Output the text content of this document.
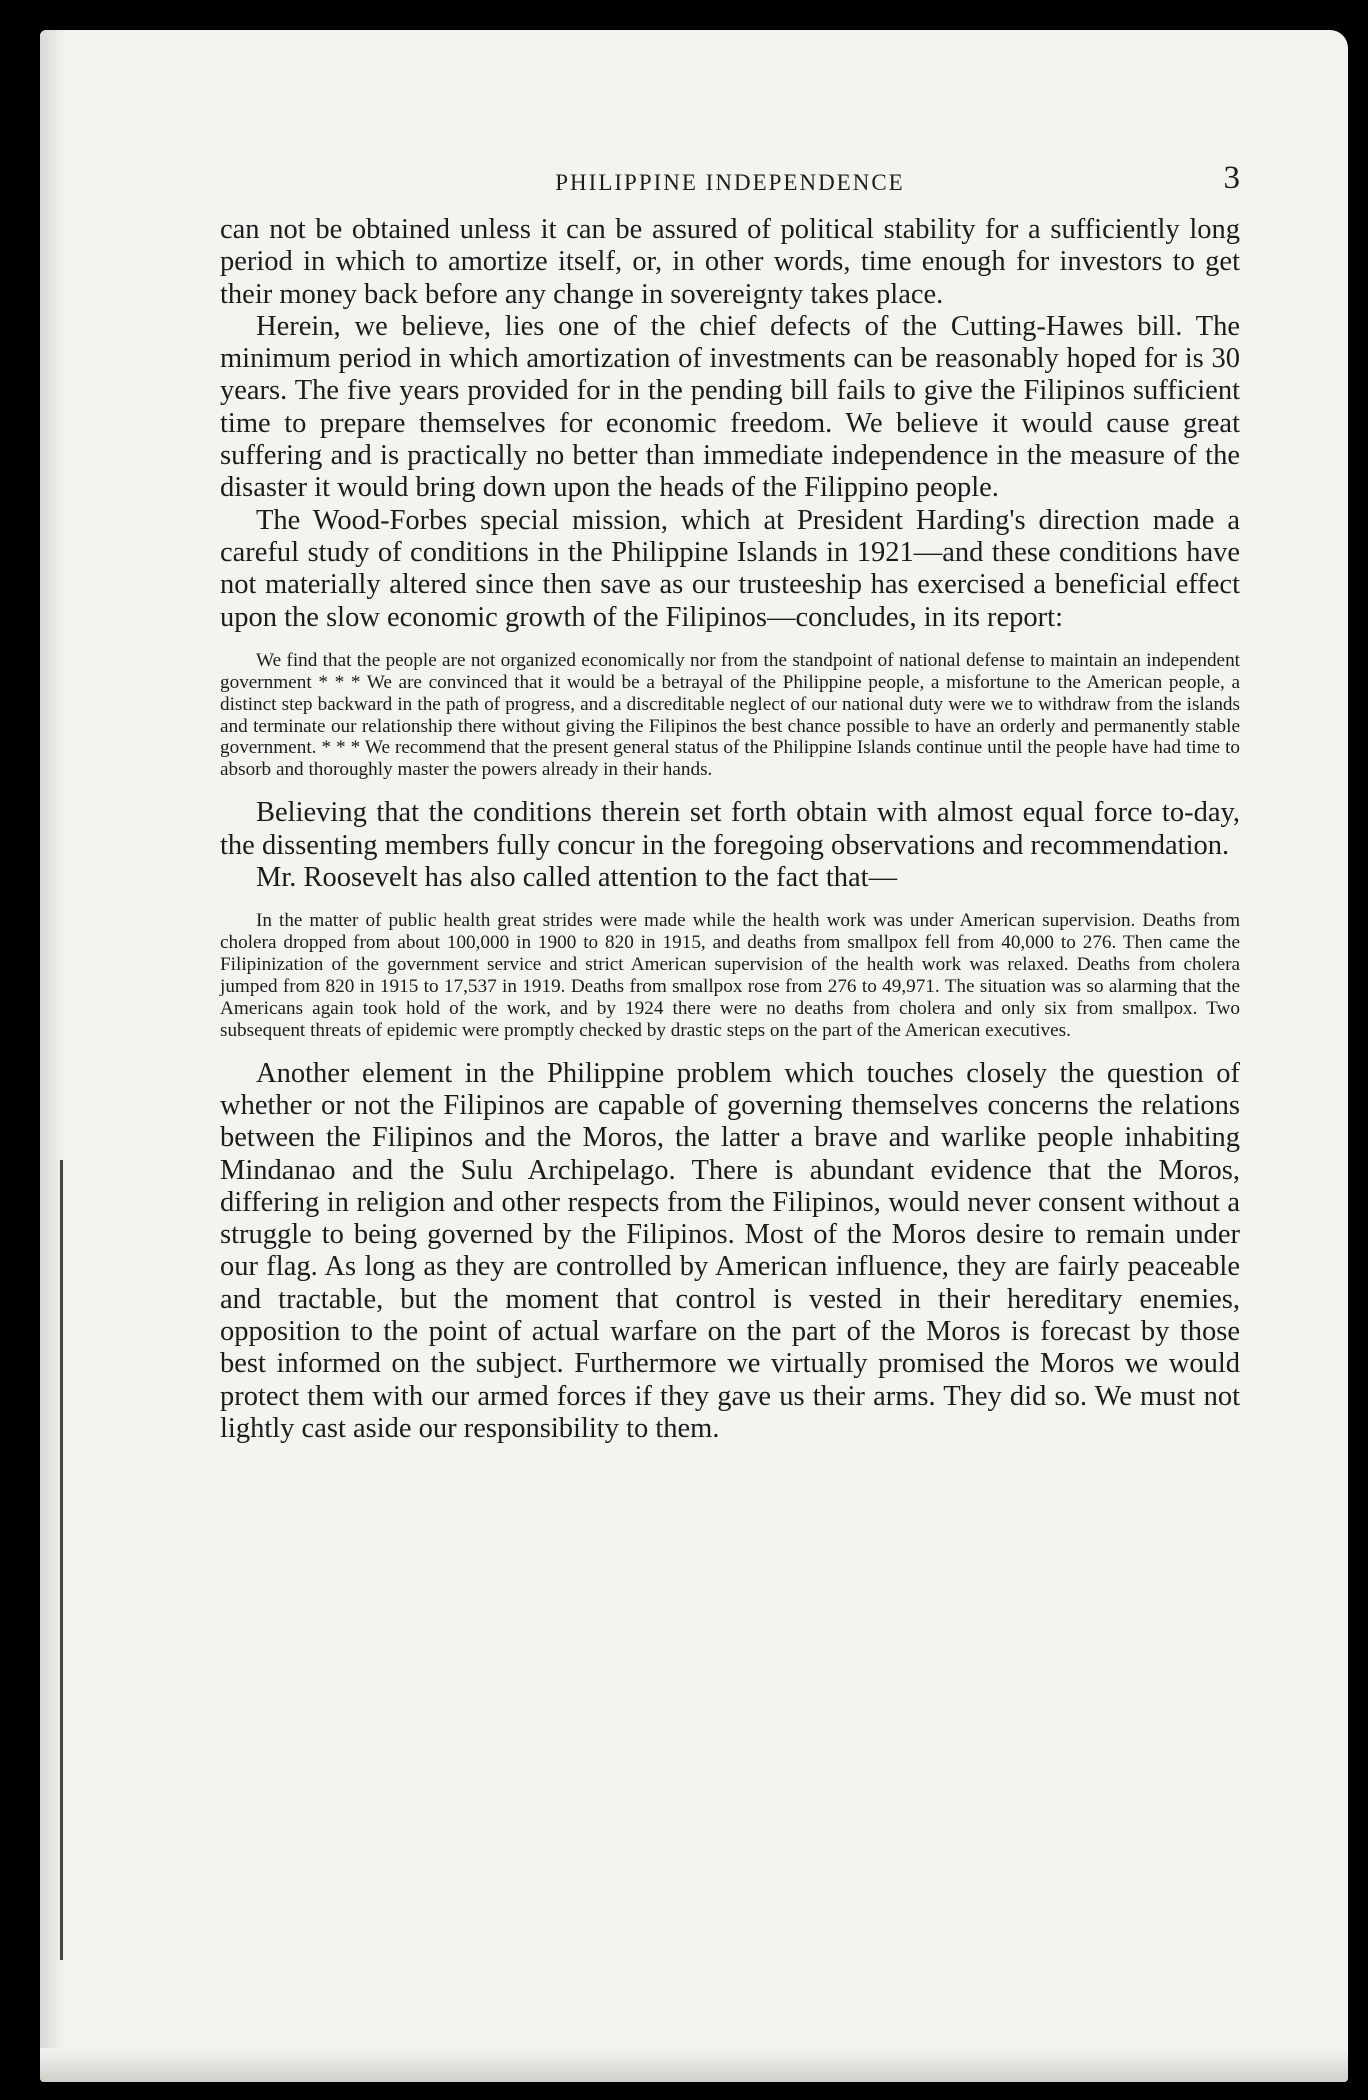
PHILIPPINE INDEPENDENCE	3

can not be obtained unless it can be assured of political stability for a sufficiently long period in which to amortize itself, or, in other words, time enough for investors to get their money back before any change in sovereignty takes place.

Herein, we believe, lies one of the chief defects of the Cutting-Hawes bill. The minimum period in which amortization of investments can be reasonably hoped for is 30 years. The five years provided for in the pending bill fails to give the Filipinos sufficient time to prepare themselves for economic freedom. We believe it would cause great suffering and is practically no better than immediate independence in the measure of the disaster it would bring down upon the heads of the Filippino people.

The Wood-Forbes special mission, which at President Harding's direction made a careful study of conditions in the Philippine Islands in 1921—and these conditions have not materially altered since then save as our trusteeship has exercised a beneficial effect upon the slow economic growth of the Filipinos—concludes, in its report:

We find that the people are not organized economically nor from the standpoint of national defense to maintain an independent government * * * We are convinced that it would be a betrayal of the Philippine people, a misfortune to the American people, a distinct step backward in the path of progress, and a discreditable neglect of our national duty were we to withdraw from the islands and terminate our relationship there without giving the Filipinos the best chance possible to have an orderly and permanently stable government. * * * We recommend that the present general status of the Philippine Islands continue until the people have had time to absorb and thoroughly master the powers already in their hands.

Believing that the conditions therein set forth obtain with almost equal force to-day, the dissenting members fully concur in the foregoing observations and recommendation.

Mr. Roosevelt has also called attention to the fact that—

In the matter of public health great strides were made while the health work was under American supervision. Deaths from cholera dropped from about 100,000 in 1900 to 820 in 1915, and deaths from smallpox fell from 40,000 to 276. Then came the Filipinization of the government service and strict American supervision of the health work was relaxed. Deaths from cholera jumped from 820 in 1915 to 17,537 in 1919. Deaths from smallpox rose from 276 to 49,971. The situation was so alarming that the Americans again took hold of the work, and by 1924 there were no deaths from cholera and only six from smallpox. Two subsequent threats of epidemic were promptly checked by drastic steps on the part of the American executives.

Another element in the Philippine problem which touches closely the question of whether or not the Filipinos are capable of governing themselves concerns the relations between the Filipinos and the Moros, the latter a brave and warlike people inhabiting Mindanao and the Sulu Archipelago. There is abundant evidence that the Moros, differing in religion and other respects from the Filipinos, would never consent without a struggle to being governed by the Filipinos. Most of the Moros desire to remain under our flag. As long as they are controlled by American influence, they are fairly peaceable and tractable, but the moment that control is vested in their hereditary enemies, opposition to the point of actual warfare on the part of the Moros is forecast by those best informed on the subject. Furthermore we virtually promised the Moros we would protect them with our armed forces if they gave us their arms. They did so. We must not lightly cast aside our responsibility to them.
